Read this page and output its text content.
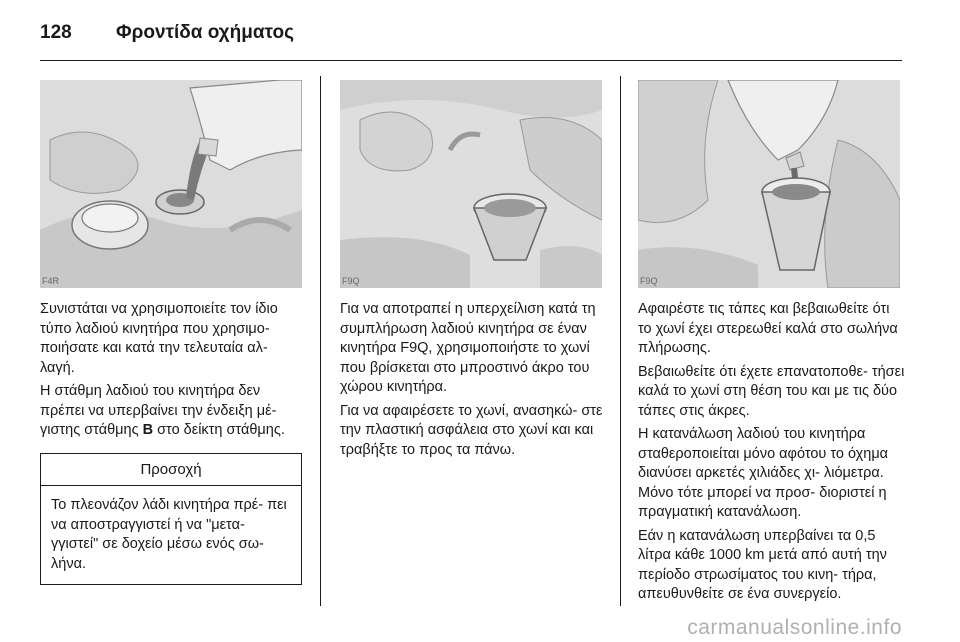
128	Φροντίδα οχήματος
F4R

Συνιστάται να χρησιμοποιείτε τον ίδιο τύπο λαδιού κινητήρα που χρησιμο- ποιήσατε και κατά την τελευταία αλ- λαγή.

Η στάθμη λαδιού του κινητήρα δεν πρέπει να υπερβαίνει την ένδειξη μέ- γιστης στάθμης B στο δείκτη στάθμης.

Προσοχή
Το πλεονάζον λάδι κινητήρα πρέ- πει να αποστραγγιστεί ή να "μετα- γγιστεί" σε δοχείο μέσω ενός σω- λήνα.
F9Q

Για να αποτραπεί η υπερχείλιση κατά τη συμπλήρωση λαδιού κινητήρα σε έναν κινητήρα F9Q, χρησιμοποιήστε το χωνί που βρίσκεται στο μπροστινό άκρο του χώρου κινητήρα.

Για να αφαιρέσετε το χωνί, ανασηκώ- στε την πλαστική ασφάλεια στο χωνί και και τραβήξτε το προς τα πάνω.

F9Q

Αφαιρέστε τις τάπες και βεβαιωθείτε ότι το χωνί έχει στερεωθεί καλά στο σωλήνα πλήρωσης.

Βεβαιωθείτε ότι έχετε επανατοποθε- τήσει καλά το χωνί στη θέση του και με τις δύο τάπες στις άκρες.

Η κατανάλωση λαδιού του κινητήρα σταθεροποιείται μόνο αφότου το όχημα διανύσει αρκετές χιλιάδες χι- λιόμετρα. Μόνο τότε μπορεί να προσ- διοριστεί η πραγματική κατανάλωση.

Εάν η κατανάλωση υπερβαίνει τα 0,5 λίτρα κάθε 1000 km μετά από αυτή την περίοδο στρωσίματος του κινη- τήρα, απευθυνθείτε σε ένα συνεργείο.

carmanualsonline.info
